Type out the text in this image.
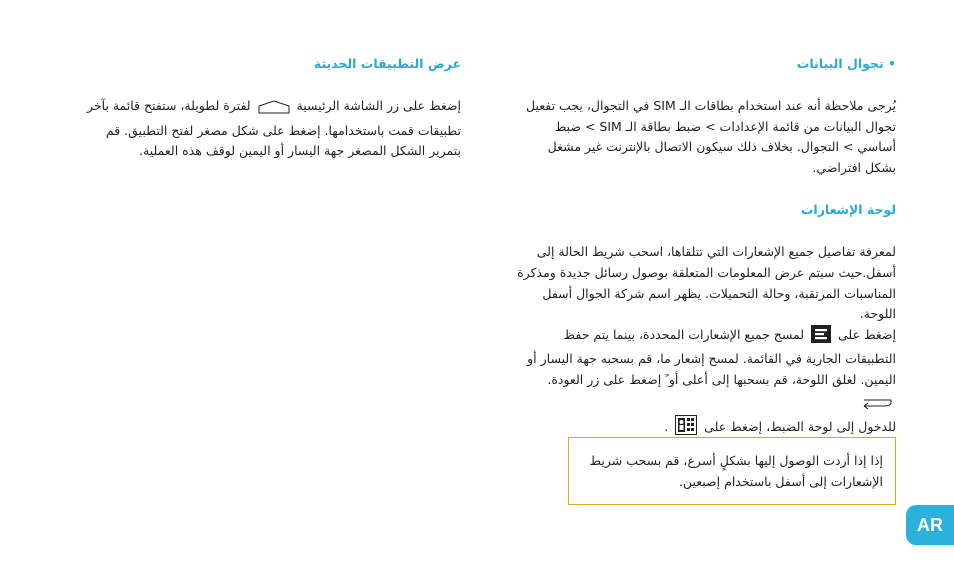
• تجوال البيانات

يُرجى ملاحظة أنه عند استخدام بطاقات الـ SIM في التجوال، يجب تفعيل تجوال البيانات من قائمة الإعدادات > ضبط بطاقة الـ SIM > ضبط أساسي > التجوال. بخلاف ذلك سيكون الاتصال بالإنترنت غير مشغل بشكل افتراضي.

لوحة الإشعارات

لمعرفة تفاصيل جميع الإشعارات التي تتلقاها، اسحب شريط الحالة إلى أسفل.حيث سيتم عرض المعلومات المتعلقة بوصول رسائل جديدة ومذكرة المناسبات المرتقبة، وحالة التحميلات. يظهر اسم شركة الجوال أسفل اللوحة.

إضغط على  لمسح جميع الإشعارات المحددة، بينما يتم حفظ التطبيقات الجارية في القائمة. لمسح إشعار ما، قم بسحبه جهة اليسار أو اليمين. لغلق اللوحة، قم بسحبها إلى أعلى أو ً إضغط على زر العودة.

للدخول إلى لوحة الضبط، إضغط على  .

عرض التطبيقات الحديثة

إضغط على زر الشاشة الرئيسية  لفترة لطويلة، ستفتح قائمة بآخر تطبيقات قمت باستخدامها. إضغط على شكل مصغر لفتح التطبيق. قم بتمرير الشكل المصغر جهة اليسار أو اليمين لوقف هذه العملية.

إذا إذا أردت الوصول إليها بشكلٍ أسرع، قم بسحب شريط الإشعارات إلى أسفل باستخدام إصبعين.

AR
